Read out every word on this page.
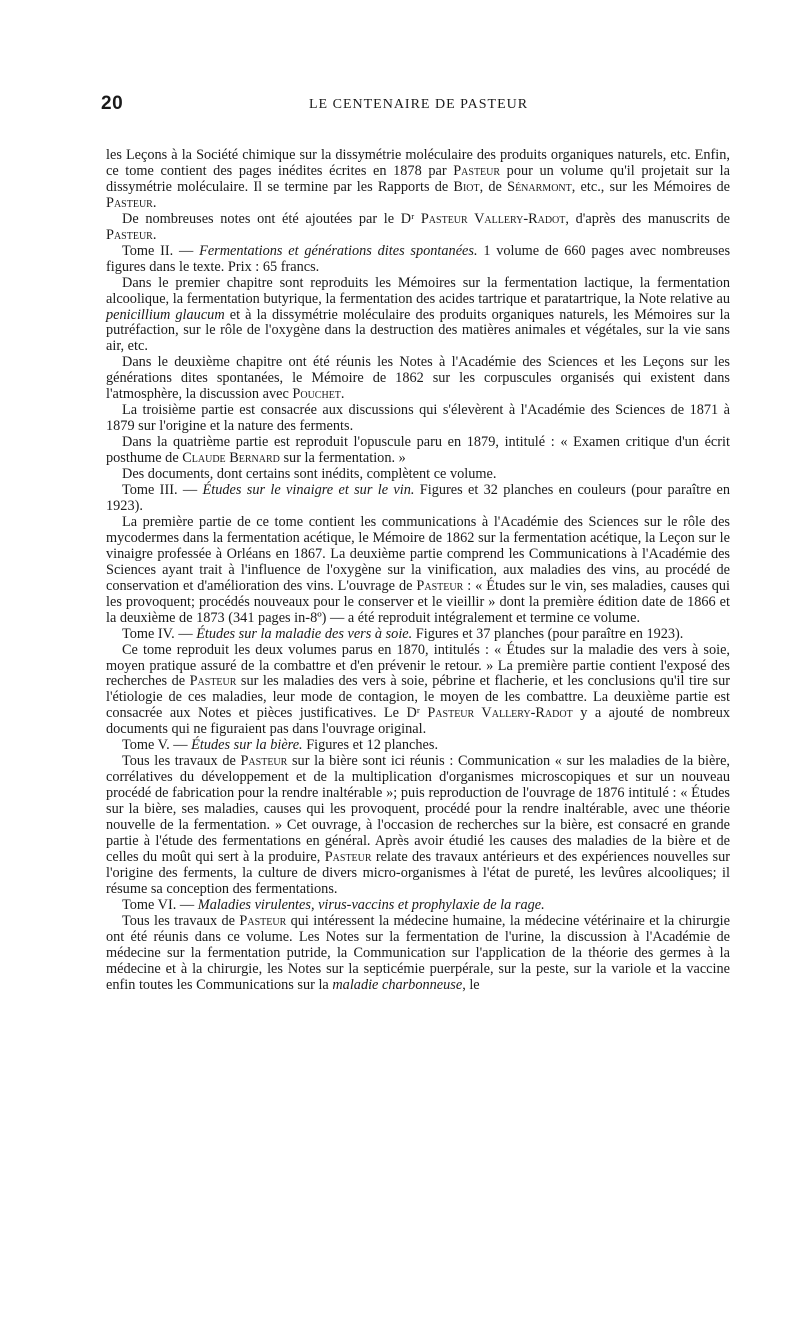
20	LE CENTENAIRE DE PASTEUR

les Leçons à la Société chimique sur la dissymétrie moléculaire des produits organiques naturels, etc. Enfin, ce tome contient des pages inédites écrites en 1878 par Pasteur pour un volume qu'il projetait sur la dissymétrie moléculaire. Il se termine par les Rapports de Biot, de Sénarmont, etc., sur les Mémoires de Pasteur.

De nombreuses notes ont été ajoutées par le Dʳ Pasteur Vallery-Radot, d'après des manuscrits de Pasteur.

Tome II. — Fermentations et générations dites spontanées. 1 volume de 660 pages avec nombreuses figures dans le texte. Prix : 65 francs.

Dans le premier chapitre sont reproduits les Mémoires sur la fermentation lactique, la fermentation alcoolique, la fermentation butyrique, la fermentation des acides tartrique et paratartrique, la Note relative au penicillium glaucum et à la dissymétrie moléculaire des produits organiques naturels, les Mémoires sur la putréfaction, sur le rôle de l'oxygène dans la destruction des matières animales et végétales, sur la vie sans air, etc.

Dans le deuxième chapitre ont été réunis les Notes à l'Académie des Sciences et les Leçons sur les générations dites spontanées, le Mémoire de 1862 sur les corpuscules organisés qui existent dans l'atmosphère, la discussion avec Pouchet.

La troisième partie est consacrée aux discussions qui s'élevèrent à l'Académie des Sciences de 1871 à 1879 sur l'origine et la nature des ferments.

Dans la quatrième partie est reproduit l'opuscule paru en 1879, intitulé : « Examen critique d'un écrit posthume de Claude Bernard sur la fermentation. »

Des documents, dont certains sont inédits, complètent ce volume.

Tome III. — Études sur le vinaigre et sur le vin. Figures et 32 planches en couleurs (pour paraître en 1923).

La première partie de ce tome contient les communications à l'Académie des Sciences sur le rôle des mycodermes dans la fermentation acétique, le Mémoire de 1862 sur la fermentation acétique, la Leçon sur le vinaigre professée à Orléans en 1867. La deuxième partie comprend les Communications à l'Académie des Sciences ayant trait à l'influence de l'oxygène sur la vinification, aux maladies des vins, au procédé de conservation et d'amélioration des vins. L'ouvrage de Pasteur : « Études sur le vin, ses maladies, causes qui les provoquent; procédés nouveaux pour le conserver et le vieillir » dont la première édition date de 1866 et la deuxième de 1873 (341 pages in-8º) — a été reproduit intégralement et termine ce volume.

Tome IV. — Études sur la maladie des vers à soie. Figures et 37 planches (pour paraître en 1923).

Ce tome reproduit les deux volumes parus en 1870, intitulés : « Études sur la maladie des vers à soie, moyen pratique assuré de la combattre et d'en prévenir le retour. » La première partie contient l'exposé des recherches de Pasteur sur les maladies des vers à soie, pébrine et flacherie, et les conclusions qu'il tire sur l'étiologie de ces maladies, leur mode de contagion, le moyen de les combattre. La deuxième partie est consacrée aux Notes et pièces justificatives. Le Dʳ Pasteur Vallery-Radot y a ajouté de nombreux documents qui ne figuraient pas dans l'ouvrage original.

Tome V. — Études sur la bière. Figures et 12 planches.

Tous les travaux de Pasteur sur la bière sont ici réunis : Communication « sur les maladies de la bière, corrélatives du développement et de la multiplication d'organismes microscopiques et sur un nouveau procédé de fabrication pour la rendre inaltérable »; puis reproduction de l'ouvrage de 1876 intitulé : « Études sur la bière, ses maladies, causes qui les provoquent, procédé pour la rendre inaltérable, avec une théorie nouvelle de la fermentation. » Cet ouvrage, à l'occasion de recherches sur la bière, est consacré en grande partie à l'étude des fermentations en général. Après avoir étudié les causes des maladies de la bière et de celles du moût qui sert à la produire, Pasteur relate des travaux antérieurs et des expériences nouvelles sur l'origine des ferments, la culture de divers micro-organismes à l'état de pureté, les levûres alcooliques; il résume sa conception des fermentations.

Tome VI. — Maladies virulentes, virus-vaccins et prophylaxie de la rage.

Tous les travaux de Pasteur qui intéressent la médecine humaine, la médecine vétérinaire et la chirurgie ont été réunis dans ce volume. Les Notes sur la fermentation de l'urine, la discussion à l'Académie de médecine sur la fermentation putride, la Communication sur l'application de la théorie des germes à la médecine et à la chirurgie, les Notes sur la septicémie puerpérale, sur la peste, sur la variole et la vaccine enfin toutes les Communications sur la maladie charbonneuse, le
